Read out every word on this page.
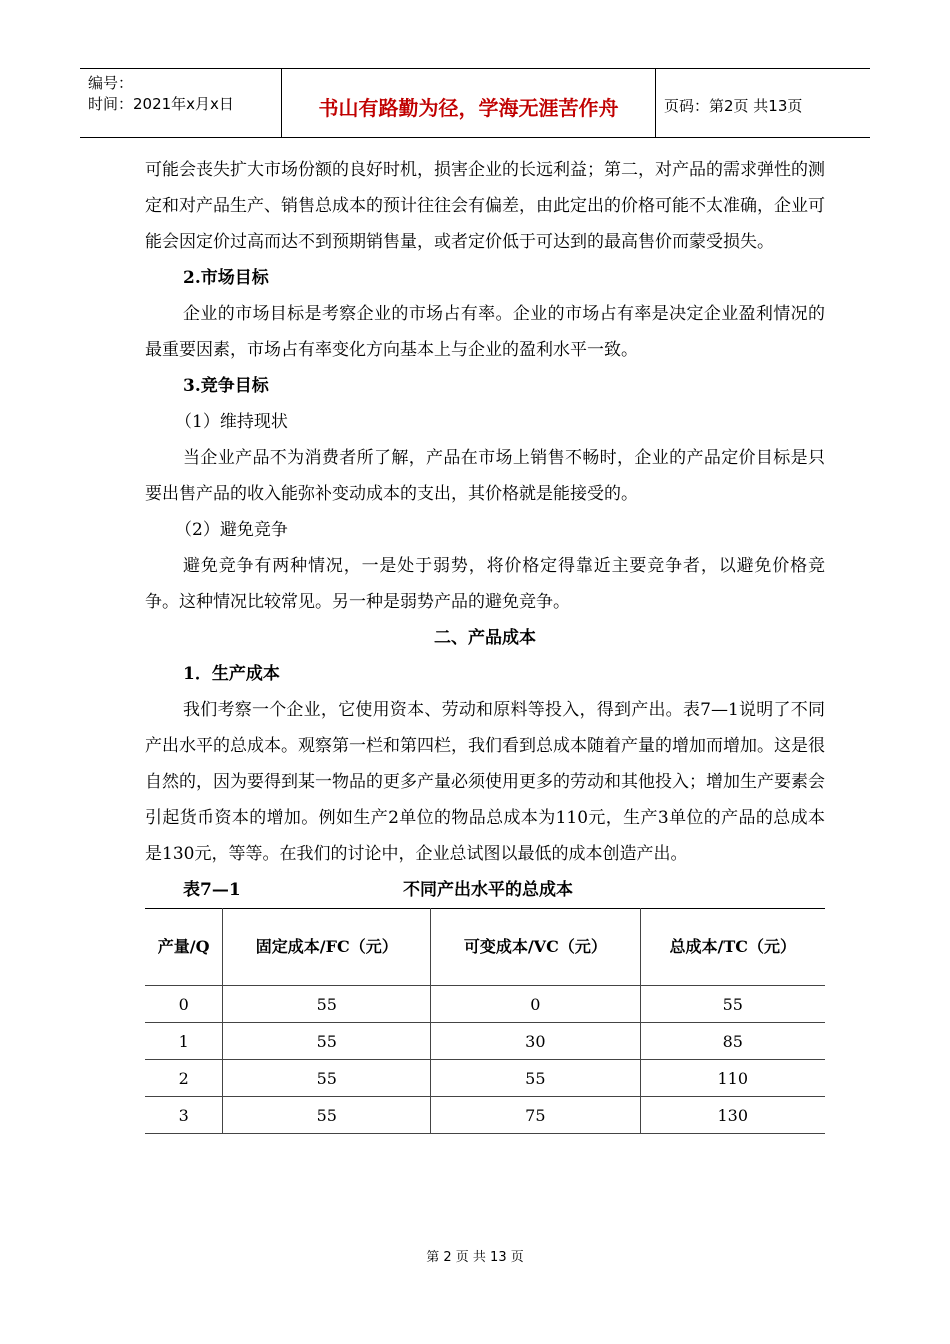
编号：
时间：2021年x月x日	书山有路勤为径，学海无涯苦作舟	页码：第2页 共13页

可能会丧失扩大市场份额的良好时机，损害企业的长远利益；第二，对产品的需求弹性的测定和对产品生产、销售总成本的预计往往会有偏差，由此定出的价格可能不太准确，企业可能会因定价过高而达不到预期销售量，或者定价低于可达到的最高售价而蒙受损失。

2.市场目标

企业的市场目标是考察企业的市场占有率。企业的市场占有率是决定企业盈利情况的最重要因素，市场占有率变化方向基本上与企业的盈利水平一致。

3.竞争目标

（1）维持现状

当企业产品不为消费者所了解，产品在市场上销售不畅时，企业的产品定价目标是只要出售产品的收入能弥补变动成本的支出，其价格就是能接受的。

（2）避免竞争

避免竞争有两种情况，一是处于弱势，将价格定得靠近主要竞争者，以避免价格竞争。这种情况比较常见。另一种是弱势产品的避免竞争。

二、产品成本

1．生产成本

我们考察一个企业，它使用资本、劳动和原料等投入，得到产出。表7—1说明了不同产出水平的总成本。观察第一栏和第四栏，我们看到总成本随着产量的增加而增加。这是很自然的，因为要得到某一物品的更多产量必须使用更多的劳动和其他投入；增加生产要素会引起货币资本的增加。例如生产2单位的物品总成本为110元，生产3单位的产品的总成本是130元，等等。在我们的讨论中，企业总试图以最低的成本创造产出。

表7—1	不同产出水平的总成本
产量/Q	固定成本/FC（元）	可变成本/VC（元）	总成本/TC（元）
0	55	0	55
1	55	30	85
2	55	55	110
3	55	75	130
第 2 页 共 13 页
